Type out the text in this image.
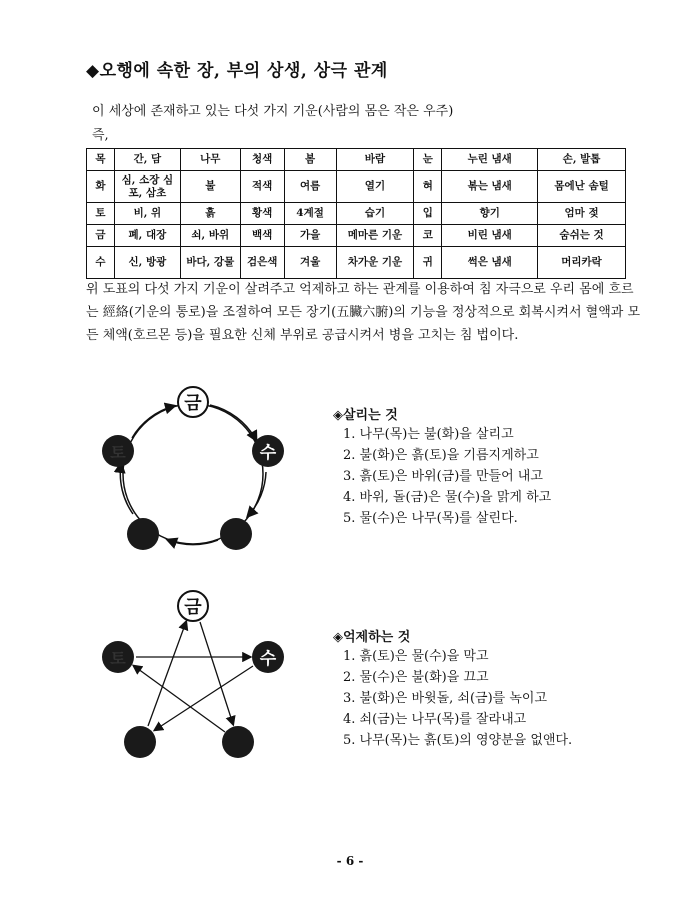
◆오행에 속한 장, 부의 상생, 상극 관계
이 세상에 존재하고 있는 다섯 가지 기운(사람의 몸은 작은 우주)
즉,
목	간, 담	나무	청색	봄	바람	눈	누린 냄새	손, 발톱
화	심, 소장 심포, 삼초	불	적색	여름	열기	혀	볶는 냄새	몸에난 솜털
토	비, 위	흙	황색	4계절	습기	입	향기	엄마 젖
금	폐, 대장	쇠, 바위	백색	가을	메마른 기운	코	비린 냄새	숨쉬는 것
수	신, 방광	바다, 강물	검은색	겨울	차가운 기운	귀	썩은 냄새	머리카락
위 도표의 다섯 가지 기운이 살려주고 억제하고 하는 관계를 이용하여 침 자극으로 우리 몸에 흐르는 經絡(기운의 통로)을 조절하여 모든 장기(五臟六腑)의 기능을 정상적으로 회복시켜서 혈액과 모든 체액(호르몬 등)을 필요한 신체 부위로 공급시켜서 병을 고치는 침 법이다.
금
수
토
◈살리는 것
1. 나무(목)는 불(화)을 살리고
2. 불(화)은 흙(토)을 기름지게하고
3. 흙(토)은 바위(금)를 만들어 내고
4. 바위, 돌(금)은 물(수)을 맑게 하고
5. 물(수)은 나무(목)를 살린다.
금
수
토
◈억제하는 것
1. 흙(토)은 물(수)을 막고
2. 물(수)은 불(화)을 끄고
3. 불(화)은 바윗돌, 쇠(금)를 녹이고
4. 쇠(금)는 나무(목)를 잘라내고
5. 나무(목)는 흙(토)의 영양분을 없앤다.
- 6 -
